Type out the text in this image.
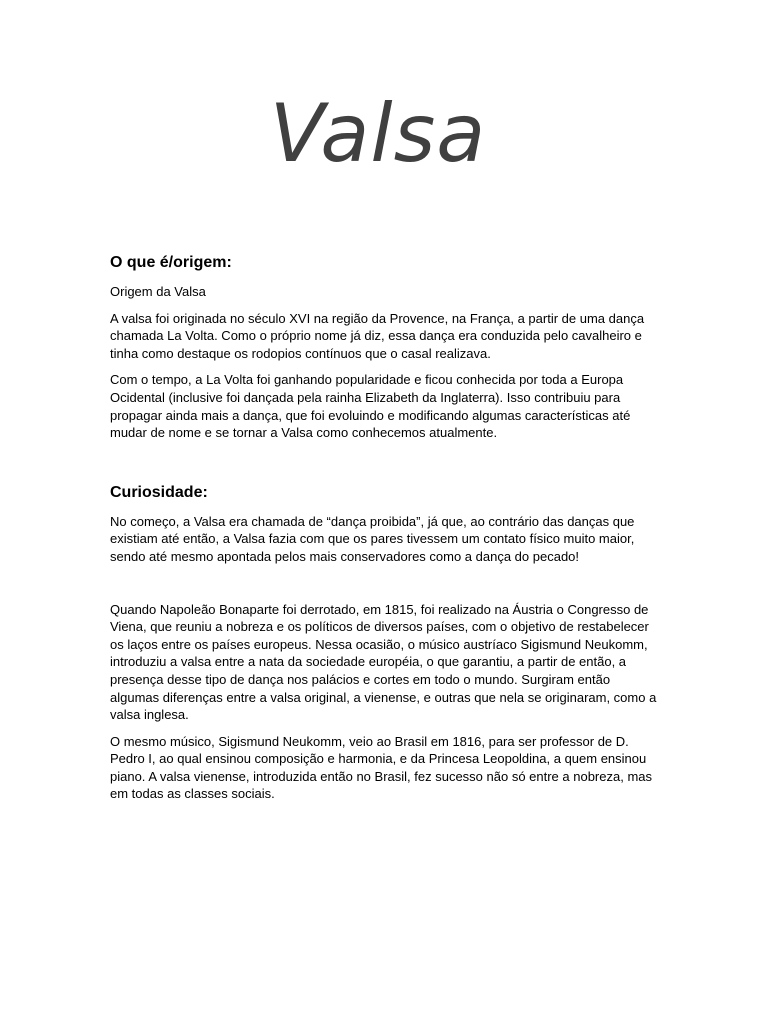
Valsa
O que é/origem:

Origem da Valsa

A valsa foi originada no século XVI na região da Provence, na França, a partir de uma dança chamada La Volta. Como o próprio nome já diz, essa dança era conduzida pelo cavalheiro e tinha como destaque os rodopios contínuos que o casal realizava.

Com o tempo, a La Volta foi ganhando popularidade e ficou conhecida por toda a Europa Ocidental (inclusive foi dançada pela rainha Elizabeth da Inglaterra). Isso contribuiu para propagar ainda mais a dança, que foi evoluindo e modificando algumas características até mudar de nome e se tornar a Valsa como conhecemos atualmente.

Curiosidade:

No começo, a Valsa era chamada de “dança proibida”, já que, ao contrário das danças que existiam até então, a Valsa fazia com que os pares tivessem um contato físico muito maior, sendo até mesmo apontada pelos mais conservadores como a dança do pecado!

Quando Napoleão Bonaparte foi derrotado, em 1815, foi realizado na Áustria o Congresso de Viena, que reuniu a nobreza e os políticos de diversos países, com o objetivo de restabelecer os laços entre os países europeus. Nessa ocasião, o músico austríaco Sigismund Neukomm, introduziu a valsa entre a nata da sociedade européia, o que garantiu, a partir de então, a presença desse tipo de dança nos palácios e cortes em todo o mundo. Surgiram então algumas diferenças entre a valsa original, a vienense, e outras que nela se originaram, como a valsa inglesa.

O mesmo músico, Sigismund Neukomm, veio ao Brasil em 1816, para ser professor de D. Pedro I, ao qual ensinou composição e harmonia, e da Princesa Leopoldina, a quem ensinou piano. A valsa vienense, introduzida então no Brasil, fez sucesso não só entre a nobreza, mas em todas as classes sociais.
